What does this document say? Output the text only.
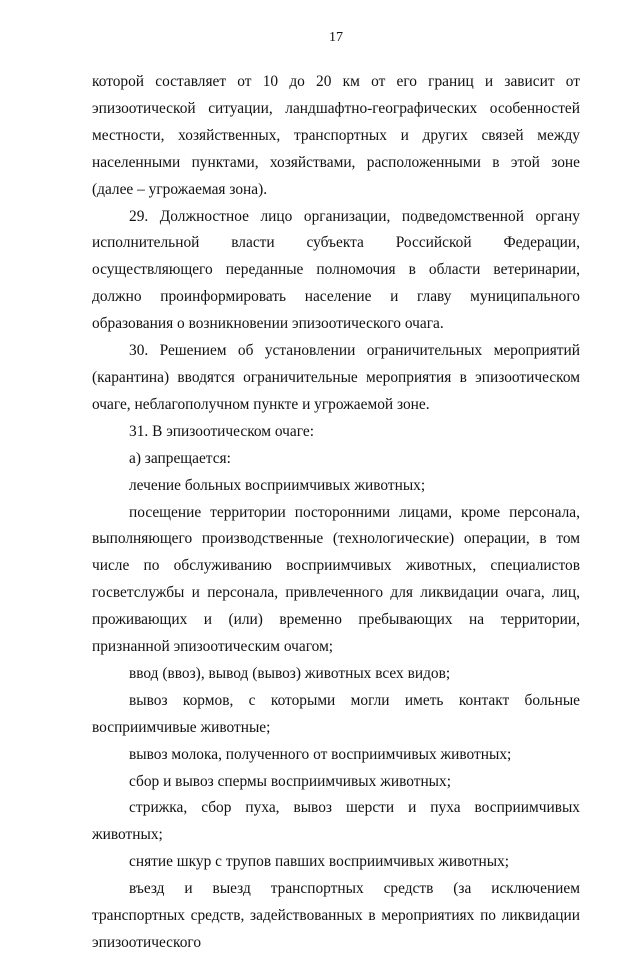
17

которой составляет от 10 до 20 км от его границ и зависит от эпизоотической ситуации, ландшафтно-географических особенностей местности, хозяйственных, транспортных и других связей между населенными пунктами, хозяйствами, расположенными в этой зоне (далее – угрожаемая зона).

29. Должностное лицо организации, подведомственной органу исполнительной власти субъекта Российской Федерации, осуществляющего переданные полномочия в области ветеринарии, должно проинформировать население и главу муниципального образования о возникновении эпизоотического очага.

30. Решением об установлении ограничительных мероприятий (карантина) вводятся ограничительные мероприятия в эпизоотическом очаге, неблагополучном пункте и угрожаемой зоне.

31. В эпизоотическом очаге:

а) запрещается:

лечение больных восприимчивых животных;

посещение территории посторонними лицами, кроме персонала, выполняющего производственные (технологические) операции, в том числе по обслуживанию восприимчивых животных, специалистов госветслужбы и персонала, привлеченного для ликвидации очага, лиц, проживающих и (или) временно пребывающих на территории, признанной эпизоотическим очагом;

ввод (ввоз), вывод (вывоз) животных всех видов;

вывоз кормов, с которыми могли иметь контакт больные восприимчивые животные;

вывоз молока, полученного от восприимчивых животных;

сбор и вывоз спермы восприимчивых животных;

стрижка, сбор пуха, вывоз шерсти и пуха восприимчивых животных;

снятие шкур с трупов павших восприимчивых животных;

въезд и выезд транспортных средств (за исключением транспортных средств, задействованных в мероприятиях по ликвидации эпизоотического
